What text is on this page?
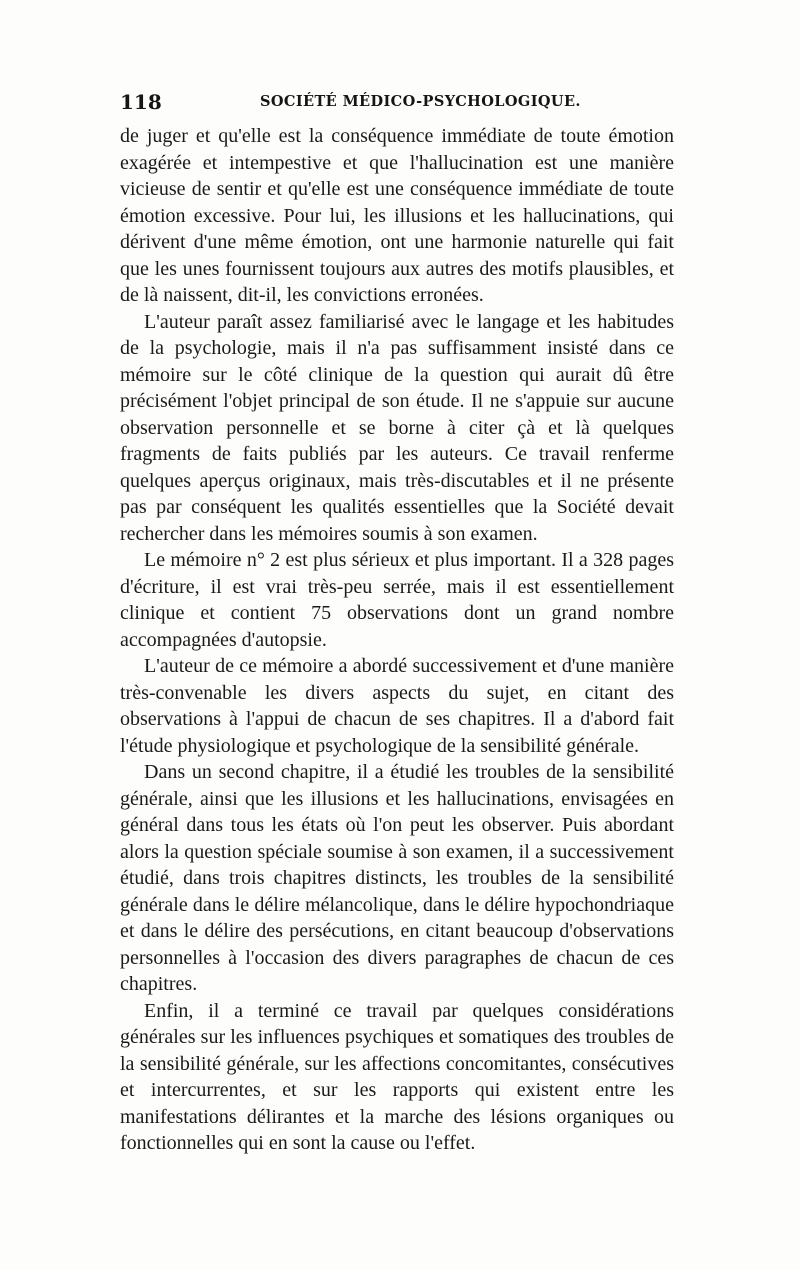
118	SOCIÉTÉ MÉDICO-PSYCHOLOGIQUE.

de juger et qu'elle est la conséquence immédiate de toute émotion exagérée et intempestive et que l'hallucination est une manière vicieuse de sentir et qu'elle est une conséquence immédiate de toute émotion excessive. Pour lui, les illusions et les hallucinations, qui dérivent d'une même émotion, ont une harmonie naturelle qui fait que les unes fournissent toujours aux autres des motifs plausibles, et de là naissent, dit-il, les convictions erronées.

L'auteur paraît assez familiarisé avec le langage et les habitudes de la psychologie, mais il n'a pas suffisamment insisté dans ce mémoire sur le côté clinique de la question qui aurait dû être précisément l'objet principal de son étude. Il ne s'appuie sur aucune observation personnelle et se borne à citer çà et là quelques fragments de faits publiés par les auteurs. Ce travail renferme quelques aperçus originaux, mais très-discutables et il ne présente pas par conséquent les qualités essentielles que la Société devait rechercher dans les mémoires soumis à son examen.

Le mémoire n° 2 est plus sérieux et plus important. Il a 328 pages d'écriture, il est vrai très-peu serrée, mais il est essentiellement clinique et contient 75 observations dont un grand nombre accompagnées d'autopsie.

L'auteur de ce mémoire a abordé successivement et d'une manière très-convenable les divers aspects du sujet, en citant des observations à l'appui de chacun de ses chapitres. Il a d'abord fait l'étude physiologique et psychologique de la sensibilité générale.

Dans un second chapitre, il a étudié les troubles de la sensibilité générale, ainsi que les illusions et les hallucinations, envisagées en général dans tous les états où l'on peut les observer. Puis abordant alors la question spéciale soumise à son examen, il a successivement étudié, dans trois chapitres distincts, les troubles de la sensibilité générale dans le délire mélancolique, dans le délire hypochondriaque et dans le délire des persécutions, en citant beaucoup d'observations personnelles à l'occasion des divers paragraphes de chacun de ces chapitres.

Enfin, il a terminé ce travail par quelques considérations générales sur les influences psychiques et somatiques des troubles de la sensibilité générale, sur les affections concomitantes, consécutives et intercurrentes, et sur les rapports qui existent entre les manifestations délirantes et la marche des lésions organiques ou fonctionnelles qui en sont la cause ou l'effet.
